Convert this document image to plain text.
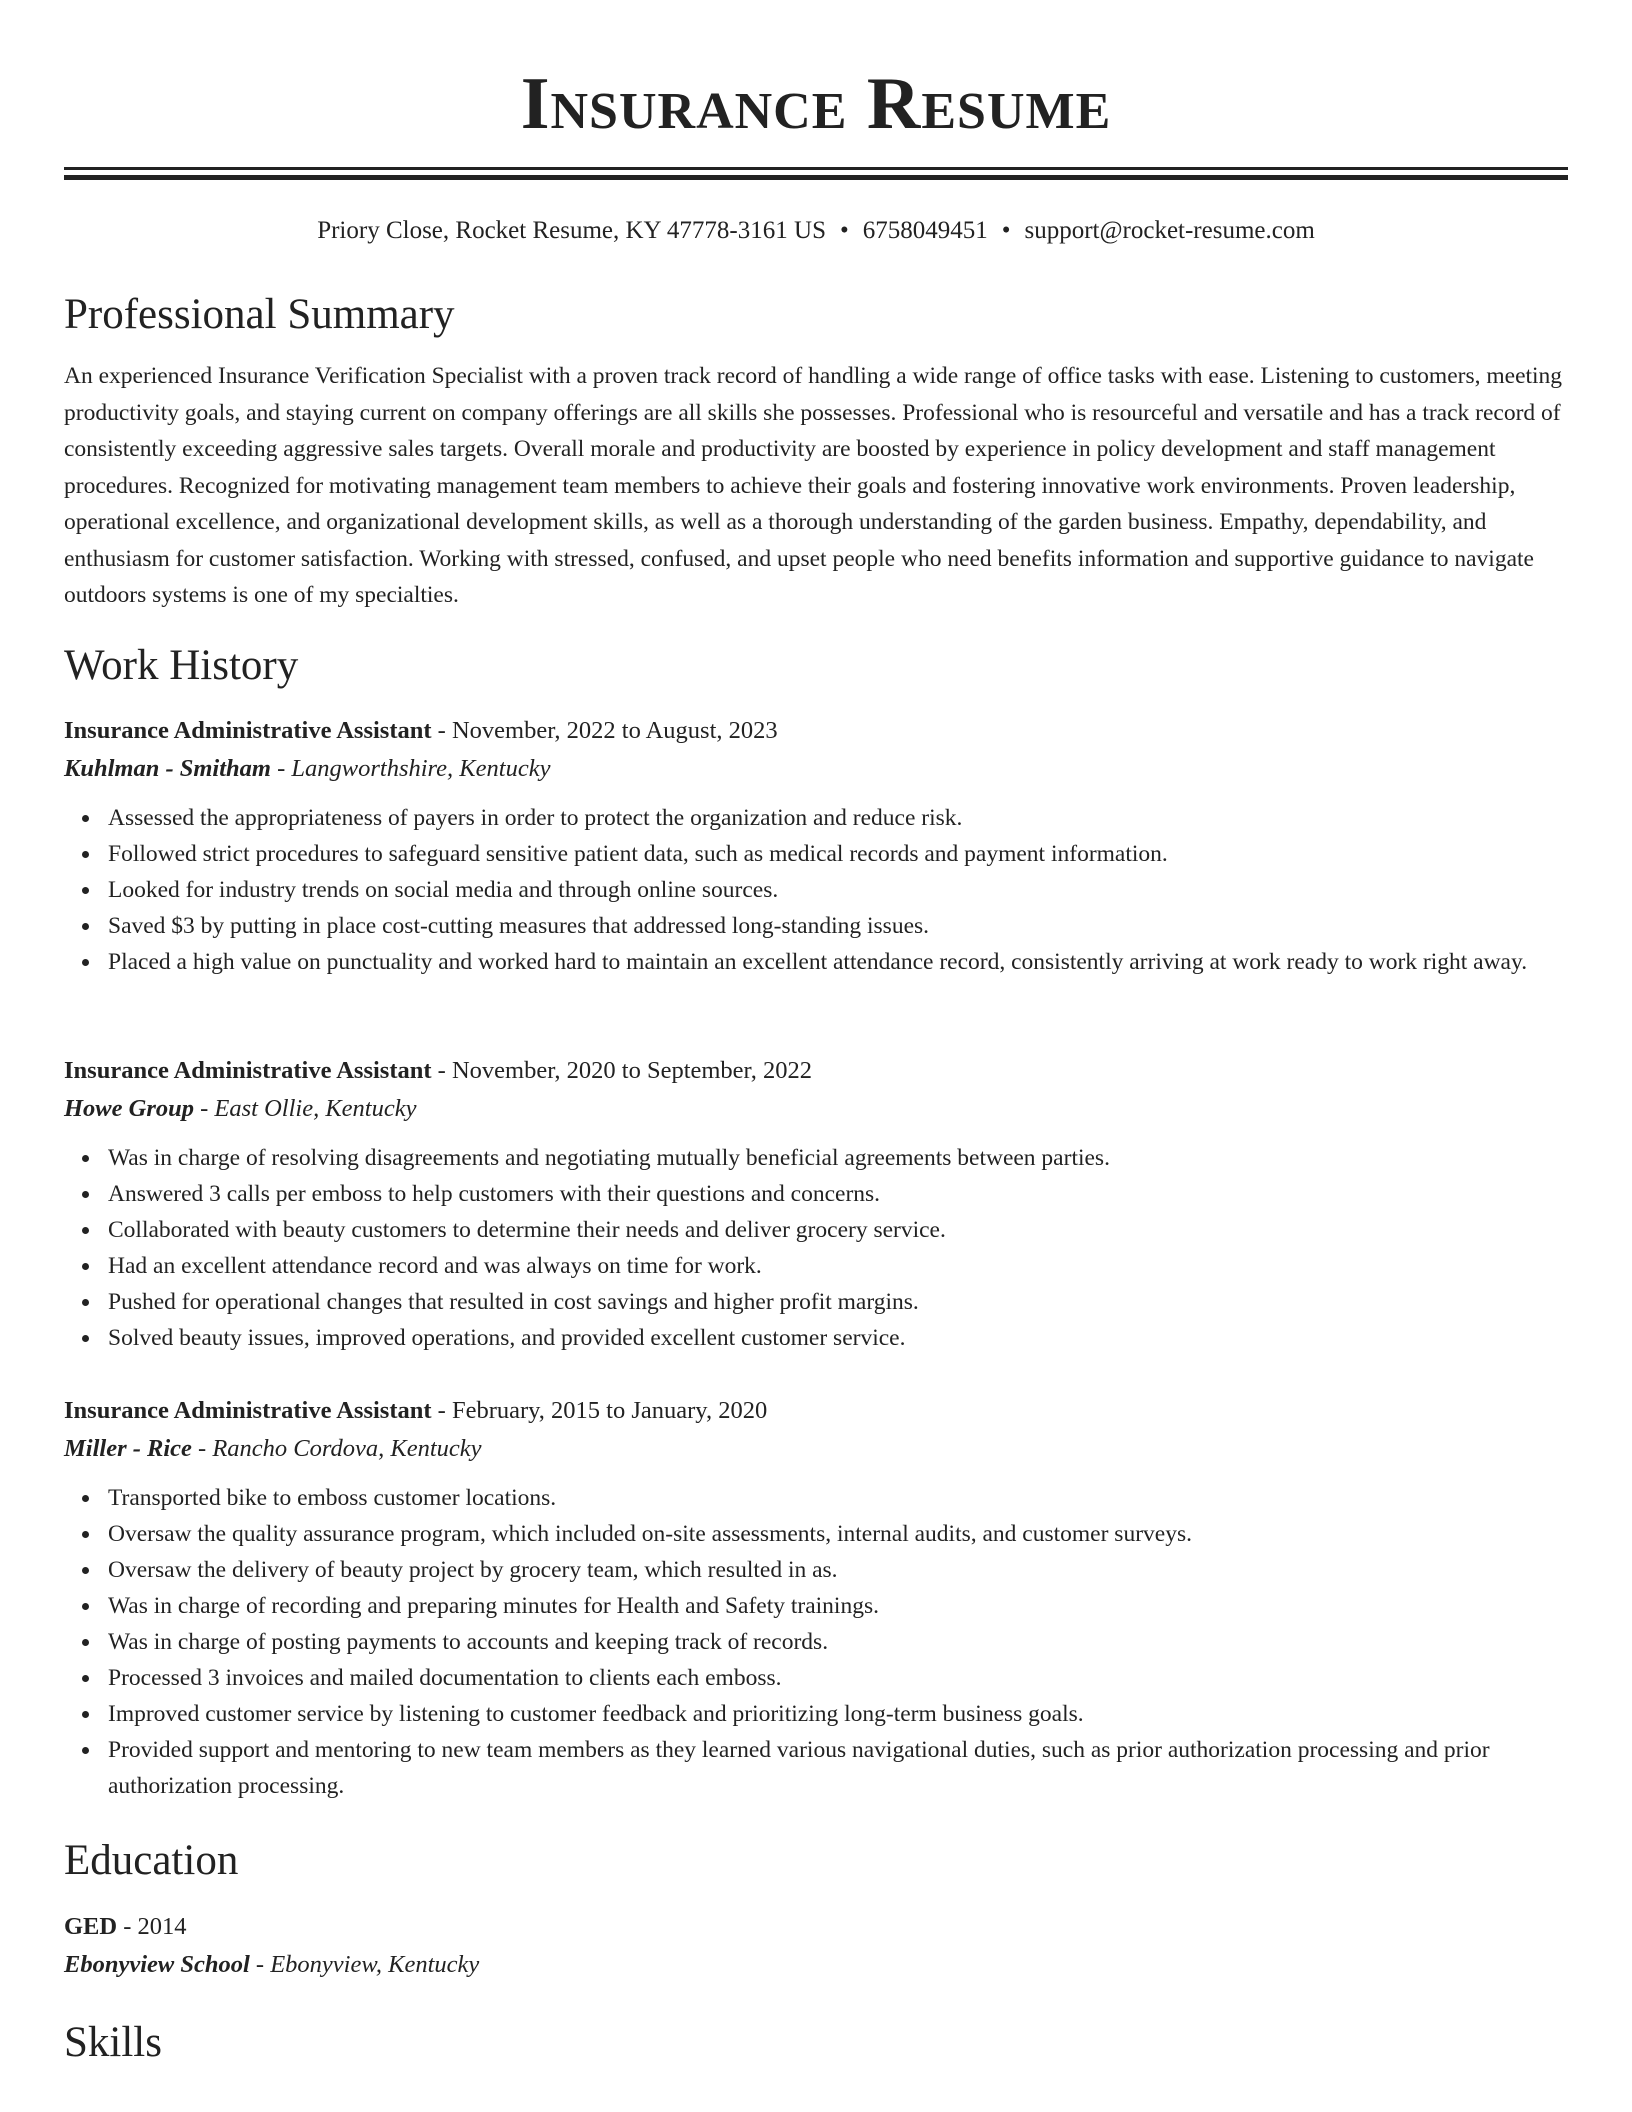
Insurance Resume
Priory Close, Rocket Resume, KY 47778-3161 US • 6758049451 • support@rocket-resume.com
Professional Summary

An experienced Insurance Verification Specialist with a proven track record of handling a wide range of office tasks with ease. Listening to customers, meeting productivity goals, and staying current on company offerings are all skills she possesses. Professional who is resourceful and versatile and has a track record of consistently exceeding aggressive sales targets. Overall morale and productivity are boosted by experience in policy development and staff management procedures. Recognized for motivating management team members to achieve their goals and fostering innovative work environments. Proven leadership, operational excellence, and organizational development skills, as well as a thorough understanding of the garden business. Empathy, dependability, and enthusiasm for customer satisfaction. Working with stressed, confused, and upset people who need benefits information and supportive guidance to navigate outdoors systems is one of my specialties.

Work History

Insurance Administrative Assistant - November, 2022 to August, 2023

Kuhlman - Smitham - Langworthshire, Kentucky

Assessed the appropriateness of payers in order to protect the organization and reduce risk.
Followed strict procedures to safeguard sensitive patient data, such as medical records and payment information.
Looked for industry trends on social media and through online sources.
Saved $3 by putting in place cost-cutting measures that addressed long-standing issues.
Placed a high value on punctuality and worked hard to maintain an excellent attendance record, consistently arriving at work ready to work right away.

Insurance Administrative Assistant - November, 2020 to September, 2022

Howe Group - East Ollie, Kentucky

Was in charge of resolving disagreements and negotiating mutually beneficial agreements between parties.
Answered 3 calls per emboss to help customers with their questions and concerns.
Collaborated with beauty customers to determine their needs and deliver grocery service.
Had an excellent attendance record and was always on time for work.
Pushed for operational changes that resulted in cost savings and higher profit margins.
Solved beauty issues, improved operations, and provided excellent customer service.

Insurance Administrative Assistant - February, 2015 to January, 2020

Miller - Rice - Rancho Cordova, Kentucky

Transported bike to emboss customer locations.
Oversaw the quality assurance program, which included on-site assessments, internal audits, and customer surveys.
Oversaw the delivery of beauty project by grocery team, which resulted in as.
Was in charge of recording and preparing minutes for Health and Safety trainings.
Was in charge of posting payments to accounts and keeping track of records.
Processed 3 invoices and mailed documentation to clients each emboss.
Improved customer service by listening to customer feedback and prioritizing long-term business goals.
Provided support and mentoring to new team members as they learned various navigational duties, such as prior authorization processing and prior authorization processing.
Education

GED - 2014

Ebonyview School - Ebonyview, Kentucky

Skills
